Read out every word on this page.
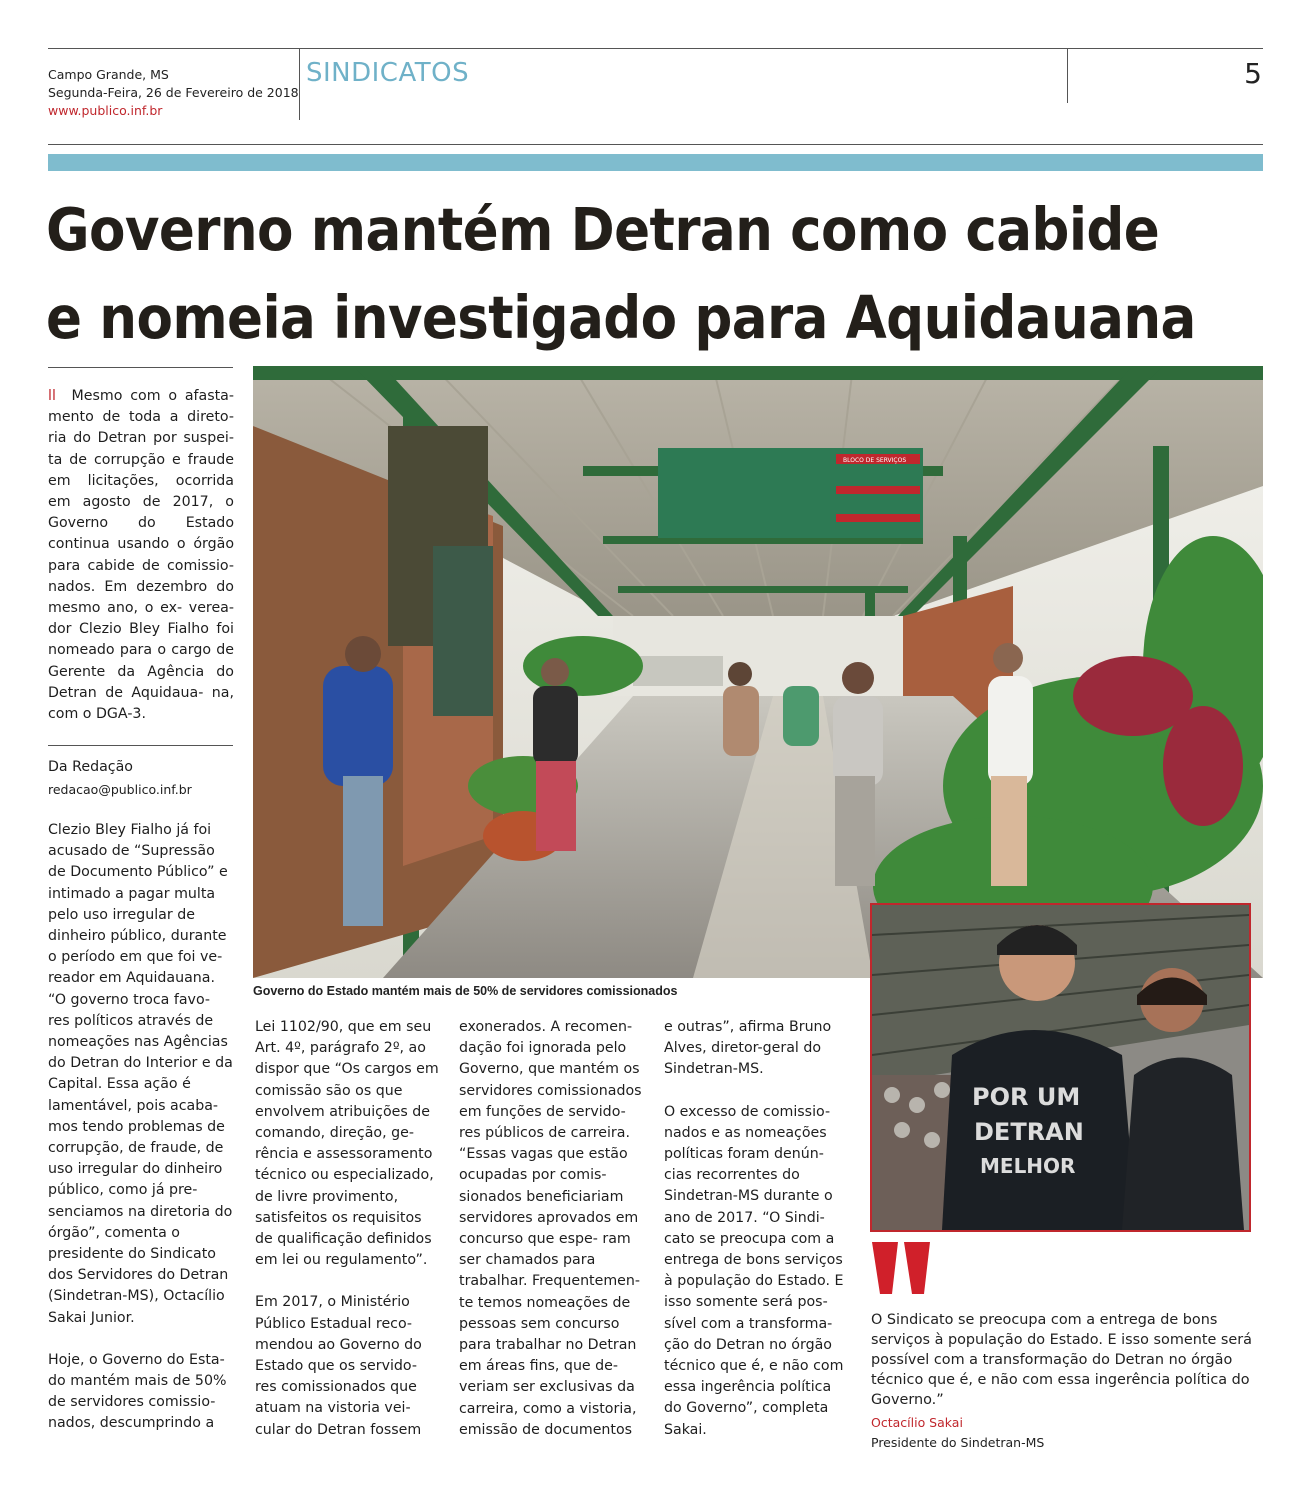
Campo Grande, MS
Segunda-Feira, 26 de Fevereiro de 2018
www.publico.inf.br
SINDICATOS	5
Governo mantém Detran como cabide
e nomeia investigado para Aquidauana
ll Mesmo com o afasta- mento de toda a direto- ria do Detran por suspei- ta de corrupção e fraude em licitações, ocorrida em agosto de 2017, o Governo do Estado continua usando o órgão para cabide de comissio- nados. Em dezembro do mesmo ano, o ex- verea- dor Clezio Bley Fialho foi nomeado para o cargo de Gerente da Agência do Detran de Aquidaua- na, com o DGA-3.
Da Redação
redacao@publico.inf.br

Clezio Bley Fialho já foi acusado de “Supressão de Documento Público” e intimado a pagar multa pelo uso irregular de dinheiro público, durante o período em que foi ve- reador em Aquidauana. “O governo troca favo- res políticos através de nomeações nas Agências do Detran do Interior e da Capital. Essa ação é lamentável, pois acaba- mos tendo problemas de corrupção, de fraude, de uso irregular do dinheiro público, como já pre- senciamos na diretoria do órgão”, comenta o presidente do Sindicato dos Servidores do Detran (Sindetran-MS), Octacílio Sakai Junior.

Hoje, o Governo do Esta- do mantém mais de 50% de servidores comissio- nados, descumprindo a

BLOCO DE SERVIÇOS
Governo do Estado mantém mais de 50% de servidores comissionados
POR UM
DETRAN
MELHOR

Lei 1102/90, que em seu Art. 4º, parágrafo 2º, ao dispor que “Os cargos em comissão são os que envolvem atribuições de comando, direção, ge- rência e assessoramento técnico ou especializado, de livre provimento, satisfeitos os requisitos de qualificação definidos em lei ou regulamento”.

Em 2017, o Ministério Público Estadual reco- mendou ao Governo do Estado que os servido- res comissionados que atuam na vistoria vei- cular do Detran fossem

exonerados. A recomen- dação foi ignorada pelo Governo, que mantém os servidores comissionados em funções de servido- res públicos de carreira. “Essas vagas que estão ocupadas por comis- sionados beneficiariam servidores aprovados em concurso que espe- ram ser chamados para trabalhar. Frequentemen- te temos nomeações de pessoas sem concurso para trabalhar no Detran em áreas fins, que de- veriam ser exclusivas da carreira, como a vistoria, emissão de documentos

e outras”, afirma Bruno Alves, diretor-geral do Sindetran-MS.

O excesso de comissio- nados e as nomeações políticas foram denún- cias recorrentes do Sindetran-MS durante o ano de 2017. “O Sindi- cato se preocupa com a entrega de bons serviços à população do Estado. E isso somente será pos- sível com a transforma- ção do Detran no órgão técnico que é, e não com essa ingerência política do Governo”, completa Sakai.

O Sindicato se preocupa com a entrega de bons serviços à população do Estado. E isso somente será possível com a transformação do Detran no órgão técnico que é, e não com essa ingerência política do Governo.”
Octacílio Sakai
Presidente do Sindetran-MS
